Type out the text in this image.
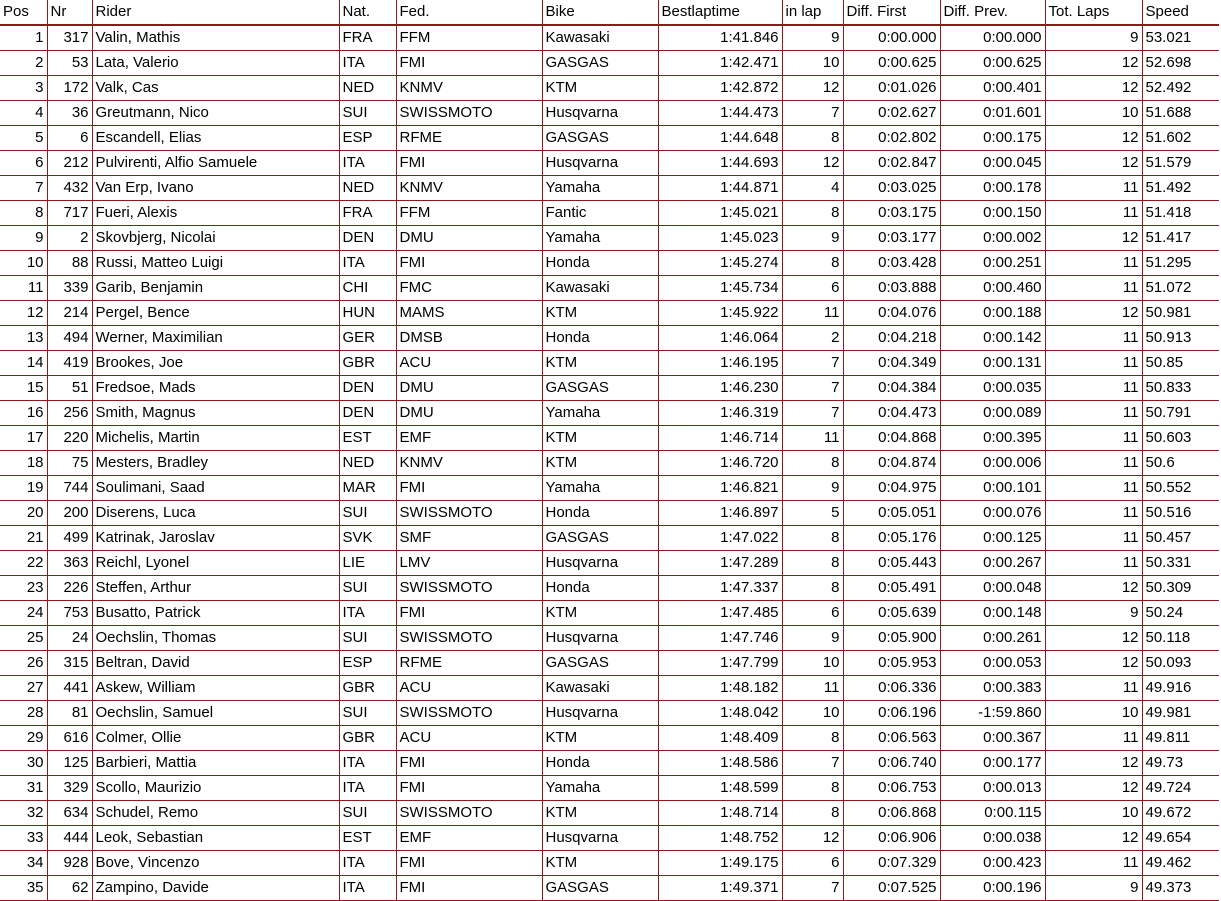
Pos	Nr	Rider	Nat.	Fed.	Bike	Bestlaptime	in lap	Diff. First	Diff. Prev.	Tot. Laps	Speed
1	317	Valin, Mathis	FRA	FFM	Kawasaki	1:41.846	9	0:00.000	0:00.000	9	53.021
2	53	Lata, Valerio	ITA	FMI	GASGAS	1:42.471	10	0:00.625	0:00.625	12	52.698
3	172	Valk, Cas	NED	KNMV	KTM	1:42.872	12	0:01.026	0:00.401	12	52.492
4	36	Greutmann, Nico	SUI	SWISSMOTO	Husqvarna	1:44.473	7	0:02.627	0:01.601	10	51.688
5	6	Escandell, Elias	ESP	RFME	GASGAS	1:44.648	8	0:02.802	0:00.175	12	51.602
6	212	Pulvirenti, Alfio Samuele	ITA	FMI	Husqvarna	1:44.693	12	0:02.847	0:00.045	12	51.579
7	432	Van Erp, Ivano	NED	KNMV	Yamaha	1:44.871	4	0:03.025	0:00.178	11	51.492
8	717	Fueri, Alexis	FRA	FFM	Fantic	1:45.021	8	0:03.175	0:00.150	11	51.418
9	2	Skovbjerg, Nicolai	DEN	DMU	Yamaha	1:45.023	9	0:03.177	0:00.002	12	51.417
10	88	Russi, Matteo Luigi	ITA	FMI	Honda	1:45.274	8	0:03.428	0:00.251	11	51.295
11	339	Garib, Benjamin	CHI	FMC	Kawasaki	1:45.734	6	0:03.888	0:00.460	11	51.072
12	214	Pergel, Bence	HUN	MAMS	KTM	1:45.922	11	0:04.076	0:00.188	12	50.981
13	494	Werner, Maximilian	GER	DMSB	Honda	1:46.064	2	0:04.218	0:00.142	11	50.913
14	419	Brookes, Joe	GBR	ACU	KTM	1:46.195	7	0:04.349	0:00.131	11	50.85
15	51	Fredsoe, Mads	DEN	DMU	GASGAS	1:46.230	7	0:04.384	0:00.035	11	50.833
16	256	Smith, Magnus	DEN	DMU	Yamaha	1:46.319	7	0:04.473	0:00.089	11	50.791
17	220	Michelis, Martin	EST	EMF	KTM	1:46.714	11	0:04.868	0:00.395	11	50.603
18	75	Mesters, Bradley	NED	KNMV	KTM	1:46.720	8	0:04.874	0:00.006	11	50.6
19	744	Soulimani, Saad	MAR	FMI	Yamaha	1:46.821	9	0:04.975	0:00.101	11	50.552
20	200	Diserens, Luca	SUI	SWISSMOTO	Honda	1:46.897	5	0:05.051	0:00.076	11	50.516
21	499	Katrinak, Jaroslav	SVK	SMF	GASGAS	1:47.022	8	0:05.176	0:00.125	11	50.457
22	363	Reichl, Lyonel	LIE	LMV	Husqvarna	1:47.289	8	0:05.443	0:00.267	11	50.331
23	226	Steffen, Arthur	SUI	SWISSMOTO	Honda	1:47.337	8	0:05.491	0:00.048	12	50.309
24	753	Busatto, Patrick	ITA	FMI	KTM	1:47.485	6	0:05.639	0:00.148	9	50.24
25	24	Oechslin, Thomas	SUI	SWISSMOTO	Husqvarna	1:47.746	9	0:05.900	0:00.261	12	50.118
26	315	Beltran, David	ESP	RFME	GASGAS	1:47.799	10	0:05.953	0:00.053	12	50.093
27	441	Askew, William	GBR	ACU	Kawasaki	1:48.182	11	0:06.336	0:00.383	11	49.916
28	81	Oechslin, Samuel	SUI	SWISSMOTO	Husqvarna	1:48.042	10	0:06.196	-1:59.860	10	49.981
29	616	Colmer, Ollie	GBR	ACU	KTM	1:48.409	8	0:06.563	0:00.367	11	49.811
30	125	Barbieri, Mattia	ITA	FMI	Honda	1:48.586	7	0:06.740	0:00.177	12	49.73
31	329	Scollo, Maurizio	ITA	FMI	Yamaha	1:48.599	8	0:06.753	0:00.013	12	49.724
32	634	Schudel, Remo	SUI	SWISSMOTO	KTM	1:48.714	8	0:06.868	0:00.115	10	49.672
33	444	Leok, Sebastian	EST	EMF	Husqvarna	1:48.752	12	0:06.906	0:00.038	12	49.654
34	928	Bove, Vincenzo	ITA	FMI	KTM	1:49.175	6	0:07.329	0:00.423	11	49.462
35	62	Zampino, Davide	ITA	FMI	GASGAS	1:49.371	7	0:07.525	0:00.196	9	49.373
